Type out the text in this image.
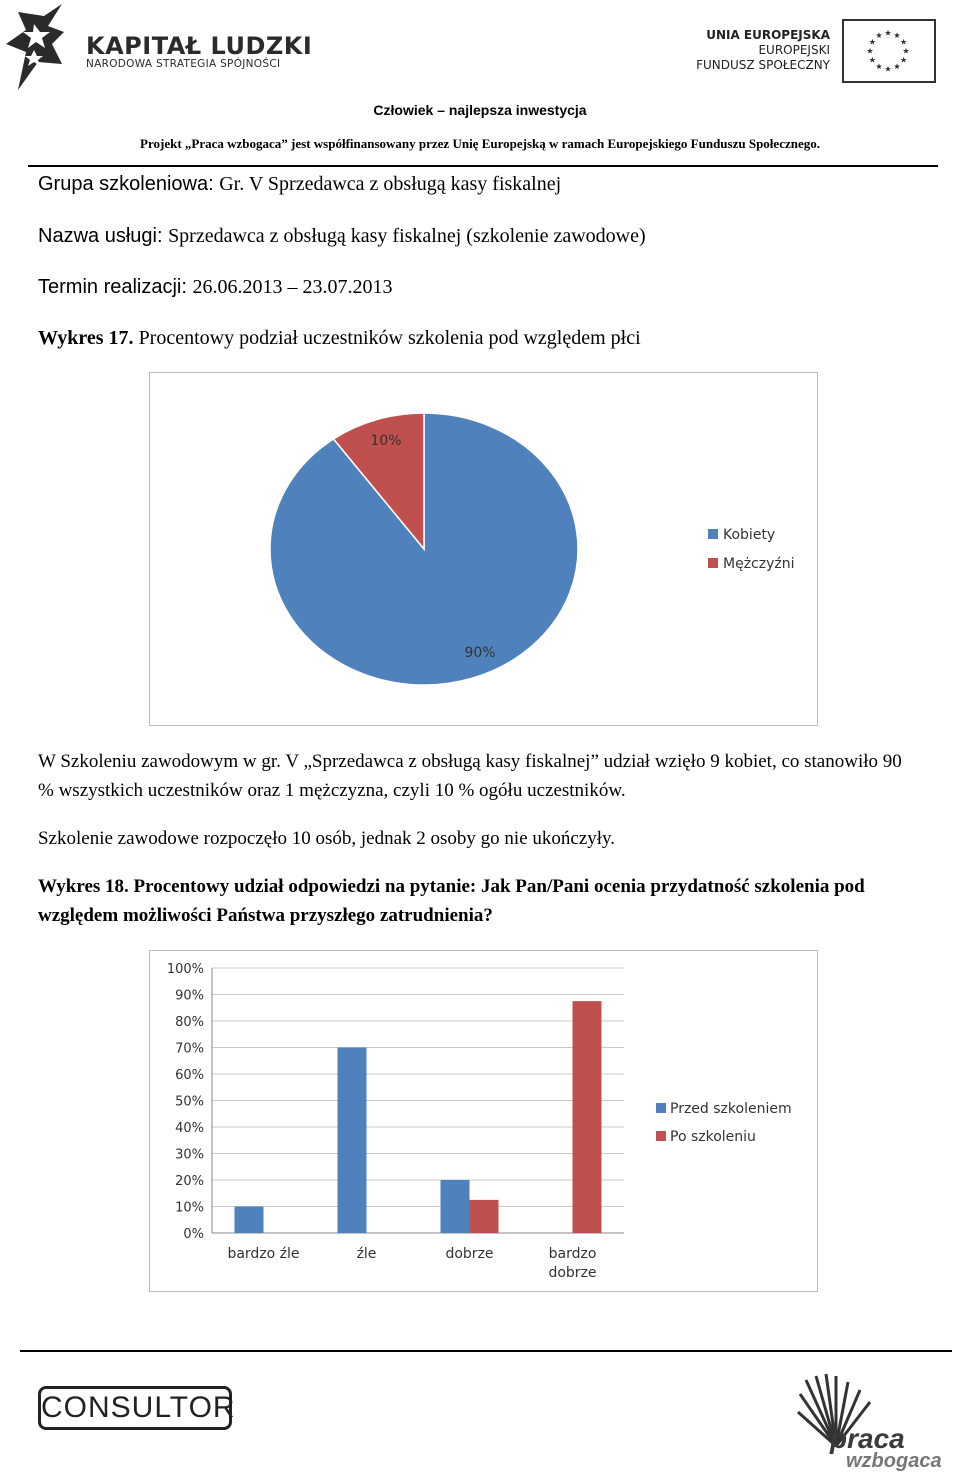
KAPITAŁ LUDZKI
NARODOWA STRATEGIA SPÓJNOŚCI
UNIA EUROPEJSKA
EUROPEJSKI
FUNDUSZ SPOŁECZNY
Człowiek – najlepsza inwestycja
Projekt „Praca wzbogaca” jest współfinansowany przez Unię Europejską w ramach Europejskiego Funduszu Społecznego.
Grupa szkoleniowa: Gr. V Sprzedawca z obsługą kasy fiskalnej
Nazwa usługi: Sprzedawca z obsługą kasy fiskalnej (szkolenie zawodowe)
Termin realizacji: 26.06.2013 – 23.07.2013
Wykres 17. Procentowy podział uczestników szkolenia pod względem płci
90%
10%
Kobiety
Mężczyźni
W Szkoleniu zawodowym w gr. V „Sprzedawca z obsługą kasy fiskalnej” udział wzięło 9 kobiet, co stanowiło 90 % wszystkich uczestników oraz 1 mężczyzna, czyli 10 % ogółu uczestników.
Szkolenie zawodowe rozpoczęło 10 osób, jednak 2 osoby go nie ukończyły.
Wykres 18. Procentowy udział odpowiedzi na pytanie: Jak Pan/Pani ocenia przydatność szkolenia pod względem możliwości Państwa przyszłego zatrudnienia?
0%
10%
20%
30%
40%
50%
60%
70%
80%
90%
100%
bardzo źle	źle	dobrze	bardzo
dobrze
Przed szkoleniem
Po szkoleniu
CONSULTOR
praca
wzbogaca
